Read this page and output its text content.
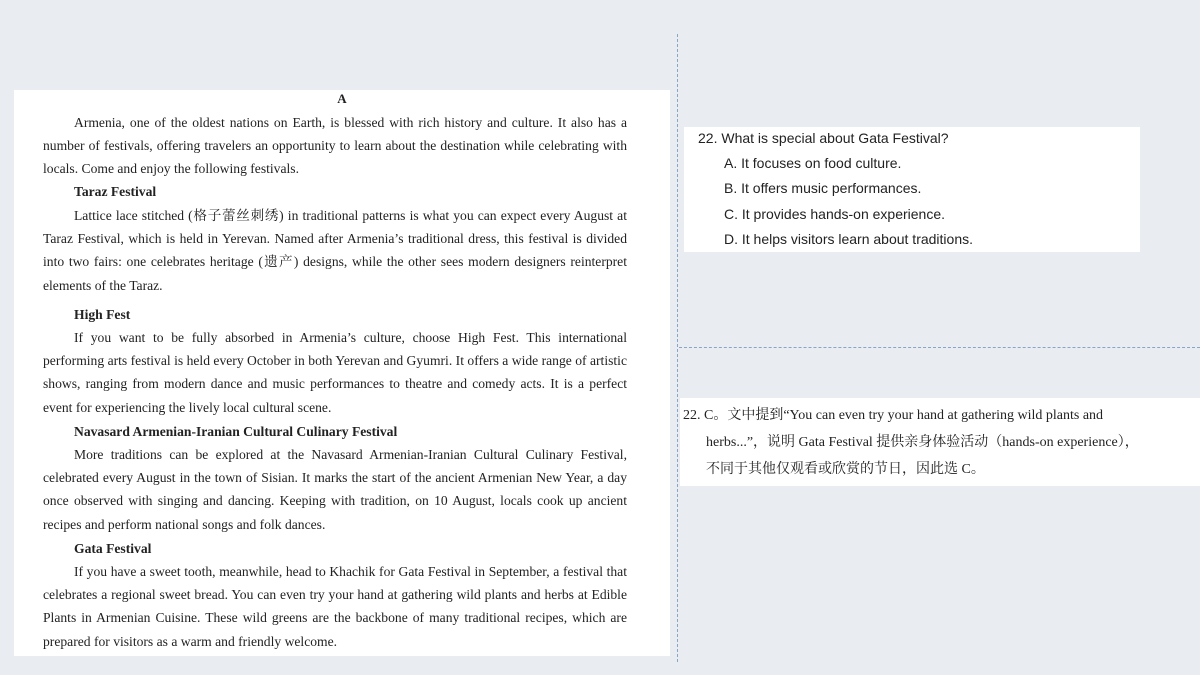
A

Armenia, one of the oldest nations on Earth, is blessed with rich history and culture. It also has a number of festivals, offering travelers an opportunity to learn about the destination while celebrating with locals. Come and enjoy the following festivals.

Taraz Festival

Lattice lace stitched (格子蕾丝刺绣) in traditional patterns is what you can expect every August at Taraz Festival, which is held in Yerevan. Named after Armenia’s traditional dress, this festival is divided into two fairs: one celebrates heritage (遗产) designs, while the other sees modern designers reinterpret elements of the Taraz.

High Fest

If you want to be fully absorbed in Armenia’s culture, choose High Fest. This international performing arts festival is held every October in both Yerevan and Gyumri. It offers a wide range of artistic shows, ranging from modern dance and music performances to theatre and comedy acts. It is a perfect event for experiencing the lively local cultural scene.

Navasard Armenian-Iranian Cultural Culinary Festival

More traditions can be explored at the Navasard Armenian-Iranian Cultural Culinary Festival, celebrated every August in the town of Sisian. It marks the start of the ancient Armenian New Year, a day once observed with singing and dancing. Keeping with tradition, on 10 August, locals cook up ancient recipes and perform national songs and folk dances.

Gata Festival

If you have a sweet tooth, meanwhile, head to Khachik for Gata Festival in September, a festival that celebrates a regional sweet bread. You can even try your hand at gathering wild plants and herbs at Edible Plants in Armenian Cuisine. These wild greens are the backbone of many traditional recipes, which are prepared for visitors as a warm and friendly welcome.

22. What is special about Gata Festival?
A. It focuses on food culture.
B. It offers music performances.
C. It provides hands-on experience.
D. It helps visitors learn about traditions.
22. C。文中提到“You can even try your hand at gathering wild plants and
herbs...”，说明 Gata Festival 提供亲身体验活动（hands-on experience），
不同于其他仅观看或欣赏的节日，因此选 C。
